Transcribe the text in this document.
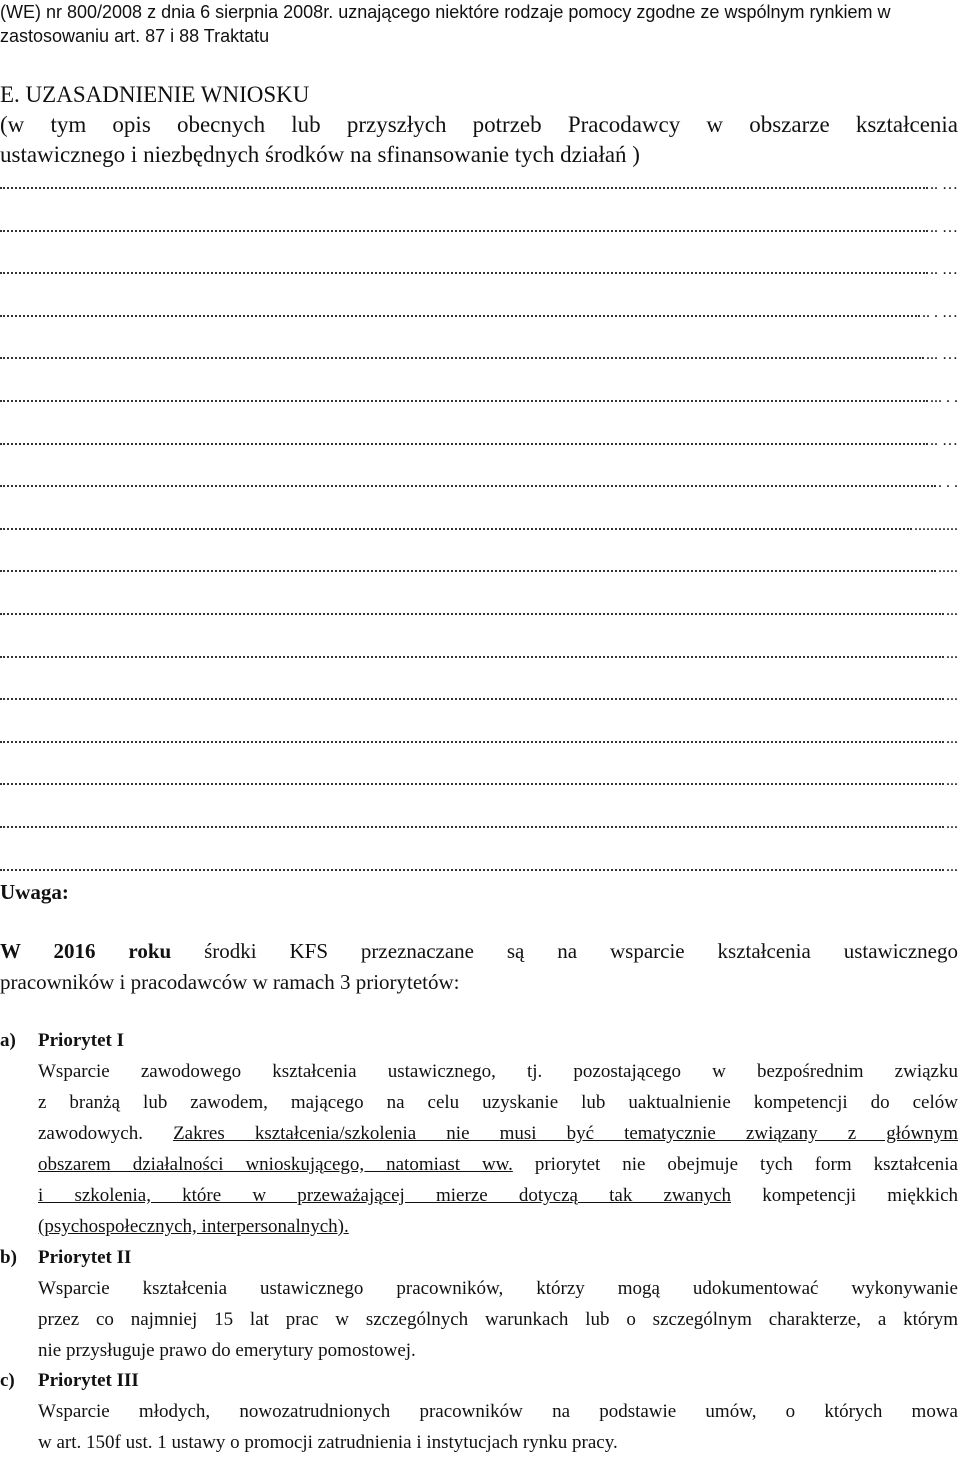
(WE) nr 800/2008 z dnia 6 sierpnia 2008r. uznającego niektóre rodzaje pomocy zgodne ze wspólnym rynkiem w
zastosowaniu art. 87 i 88 Traktatu
E. UZASADNIENIE WNIOSKU
(w tym opis obecnych lub przyszłych potrzeb Pracodawcy w obszarze kształcenia
ustawicznego i niezbędnych środków na sfinansowanie tych działań )
.. …
.. …
.. …
.. . …
... …
... . .
.. …
. . .
...........
.....
...
...
...
...
...
...
...
Uwaga:
W 2016 roku środki KFS przeznaczane są na wsparcie kształcenia ustawicznego
pracowników i pracodawców w ramach 3 priorytetów:
a) Priorytet I
Wsparcie zawodowego kształcenia ustawicznego, tj. pozostającego w bezpośrednim związku
z branżą lub zawodem, mającego na celu uzyskanie lub uaktualnienie kompetencji do celów
zawodowych. Zakres kształcenia/szkolenia nie musi być tematycznie związany z głównym
obszarem działalności wnioskującego, natomiast ww. priorytet nie obejmuje tych form kształcenia
i szkolenia, które w przeważającej mierze dotyczą tak zwanych kompetencji miękkich
(psychospołecznych, interpersonalnych).
b) Priorytet II
Wsparcie kształcenia ustawicznego pracowników, którzy mogą udokumentować wykonywanie
przez co najmniej 15 lat prac w szczególnych warunkach lub o szczególnym charakterze, a którym
nie przysługuje prawo do emerytury pomostowej.
c) Priorytet III
Wsparcie młodych, nowozatrudnionych pracowników na podstawie umów, o których mowa
w art. 150f ust. 1 ustawy o promocji zatrudnienia i instytucjach rynku pracy.
